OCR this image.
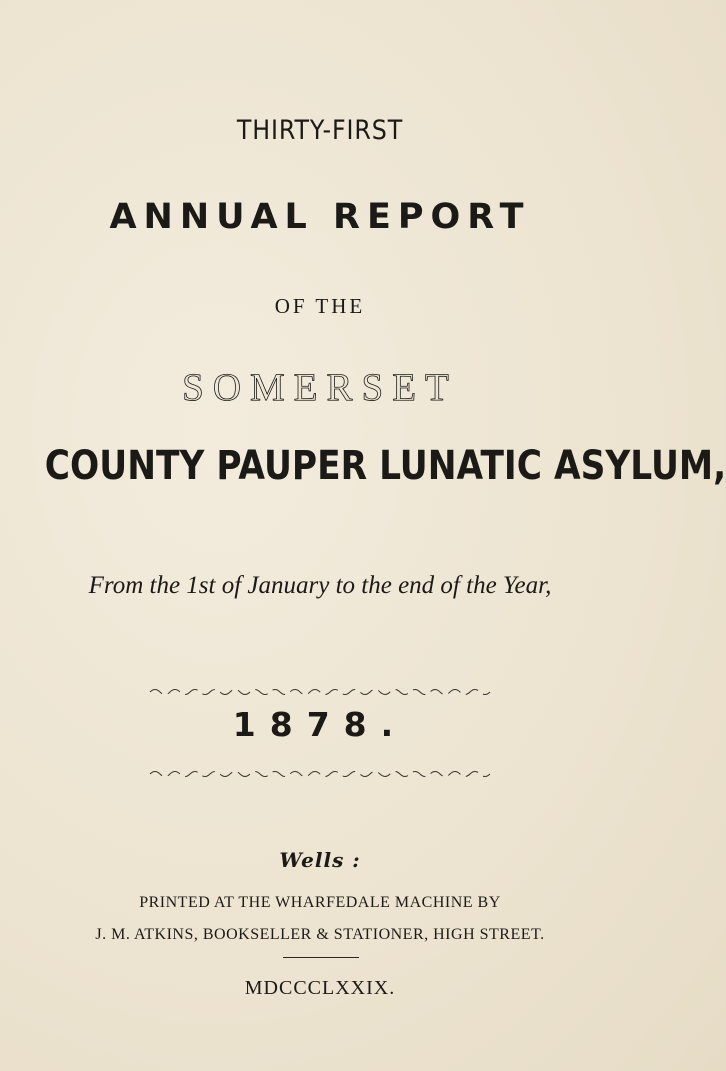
THIRTY-FIRST
ANNUAL REPORT
OF THE
SOMERSET
COUNTY PAUPER LUNATIC ASYLUM,
From the 1st of January to the end of the Year,
1878.
Wells :
PRINTED AT THE WHARFEDALE MACHINE BY
J. M. ATKINS, BOOKSELLER & STATIONER, HIGH STREET.
MDCCCLXXIX.
